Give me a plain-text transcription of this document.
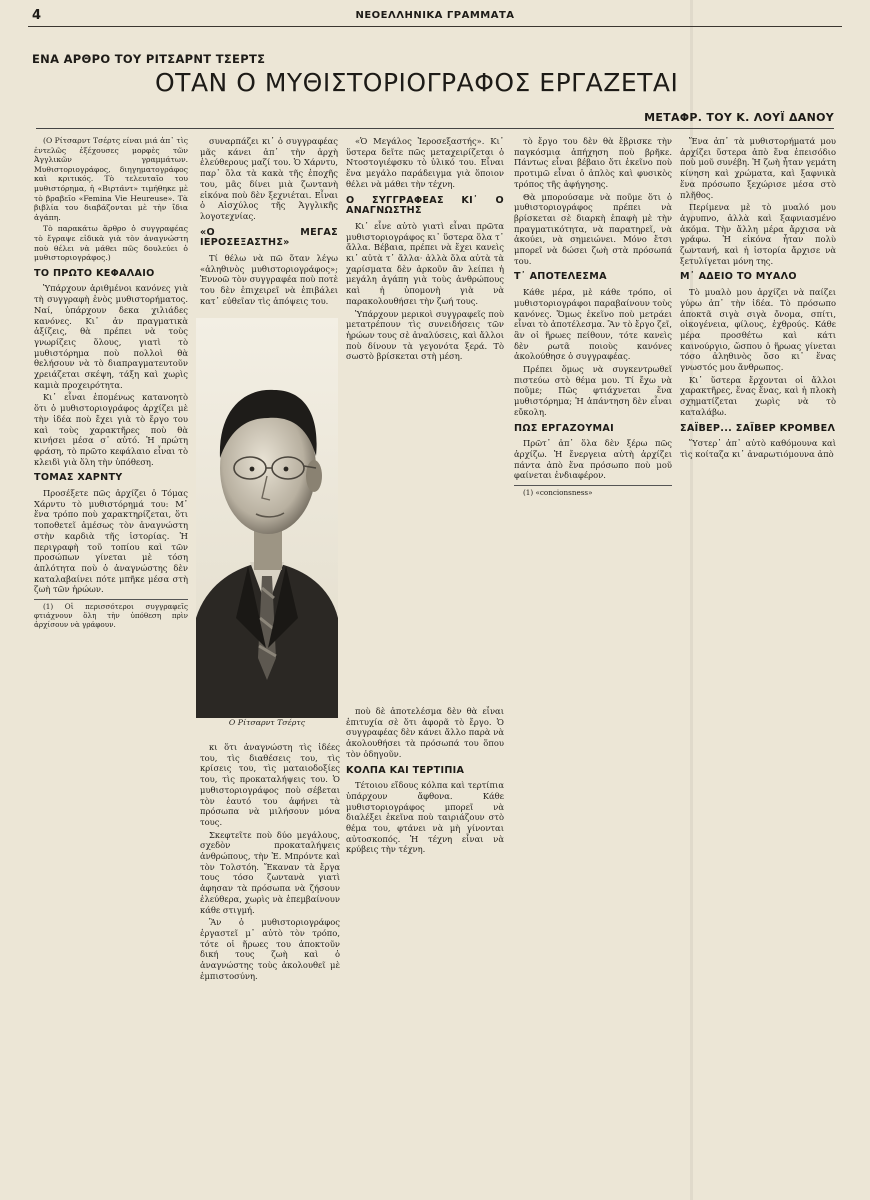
4	ΝΕΟΕΛΛΗΝΙΚΑ ΓΡΑΜΜΑΤΑ
ΕΝΑ ΑΡΘΡΟ ΤΟΥ ΡΙΤΣΑΡΝΤ ΤΣΕΡΤΣ
ΟΤΑΝ Ο ΜΥΘΙΣΤΟΡΙΟΓΡΑΦΟΣ ΕΡΓΑΖΕΤΑΙ
ΜΕΤΑΦΡ. ΤΟΥ Κ. ΛΟΥΪ ΔΑΝΟΥ

(Ο Ρίτσαρντ Τσέρτς είναι μιά ἀπ᾽ τὶς ἐντελῶς ἐξέχουσες μορφὲς τῶν Ἀγγλικῶν γραμμάτων. Μυθιστοριογράφος, διηγηματογράφος καὶ κριτικός. Τὸ τελευταῖο του μυθιστόρημα, ἡ «Βιρτάντ» τιμήθηκε μὲ τὸ βραβεῖο «Femina Vie Heureuse». Τὰ βιβλία του διαβάζονται μὲ τὴν ἴδια ἀγάπη.

Τὸ παρακάτω ἄρθρο ὁ συγγραφέας τὸ ἔγραψε εἰδικὰ γιὰ τὸν ἀναγνώστη ποὺ θέλει νὰ μάθει πῶς δουλεύει ὁ μυθιστοριογράφος.)

ΤΟ ΠΡΩΤΟ ΚΕΦΑΛΑΙΟ

Ὑπάρχουν ἀριθμένοι κανόνες γιὰ τὴ συγγραφὴ ἑνὸς μυθιστορήματος. Ναί, ὑπάρχουν δεκα χιλιάδες κανόνες. Κι᾽ ἀν πραγματικὰ ἀξίζεις, θὰ πρέπει νὰ τοὺς γνωρίζεις ὅλους, γιατὶ τὸ μυθιστόρημα ποὺ πολλοὶ θὰ θελήσουν νὰ τὸ διαπραγματευτοῦν χρειάζεται σκέψη, τάξη καὶ χωρὶς καμιὰ προχειρότητα.

Κι᾽ εἶναι ἐπομένως κατανοητὸ ὅτι ὁ μυθιστοριογράφος ἀρχίζει μὲ τὴν ἰδέα ποὺ ἔχει γιὰ τὸ ἔργο του καὶ τοὺς χαρακτῆρες ποὺ θὰ κινήσει μέσα σ᾽ αὐτό. Ἡ πρώτη φράση, τὸ πρῶτο κεφάλαιο εἶναι τὸ κλειδὶ γιὰ ὅλη τὴν ὑπόθεση.

ΤΟΜΑΣ ΧΑΡΝΤΥ

Προσέξετε πῶς ἀρχίζει ὁ Τόμας Χάρντυ τὸ μυθιστόρημά του: Μ᾽ ἕνα τρόπο ποὺ χαρακτηρίζεται, ὅτι τοποθετεῖ ἀμέσως τὸν ἀναγνώστη στὴν καρδιὰ τῆς ἱστορίας. Ἡ περιγραφὴ τοῦ τοπίου καὶ τῶν προσώπων γίνεται μὲ τόση ἀπλότητα ποὺ ὁ ἀναγνώστης δὲν καταλαβαίνει πότε μπῆκε μέσα στὴ ζωὴ τῶν ἡρώων.

(1) Οἱ περισσότεροι συγγραφεῖς φτιάχνουν ὅλη τὴν ὑπόθεση πρὶν ἀρχίσουν νὰ γράφουν.

συναρπάζει κι᾽ ὁ συγγραφέας μᾶς κάνει ἀπ᾽ τὴν ἀρχὴ ἐλεύθερους μαζί του. Ὁ Χάρντυ, παρ᾽ ὅλα τὰ κακὰ τῆς ἐποχῆς του, μᾶς δίνει μιὰ ζωντανὴ εἰκόνα ποὺ δὲν ξεχνιέται. Εἶναι ὁ Αἰσχύλος τῆς Ἀγγλικῆς λογοτεχνίας.

«Ο ΜΕΓΑΣ ΙΕΡΟΣΕΞΑΣΤΗΣ»

Τί θέλω νὰ πῶ ὅταν λέγω «ἀληθινὸς μυθιστοριογράφος»; Ἐννοῶ τὸν συγγραφέα ποὺ ποτὲ του δὲν ἐπιχειρεῖ νὰ ἐπιβάλει κατ᾽ εὐθεῖαν τὶς ἀπόψεις του.

Ο Ρίτσαρντ Τσέρτς

κι ὅτι ἀναγνώστη τὶς ἰδέες του, τὶς διαθέσεις του, τὶς κρίσεις του, τὶς ματαιοδοξίες του, τὶς προκαταλήψεις του. Ὁ μυθιστοριογράφος ποὺ σέβεται τὸν ἑαυτό του ἀφήνει τὰ πρόσωπα νὰ μιλήσουν μόνα τους.

Σκεφτεῖτε ποὺ δύο μεγάλους, σχεδὸν προκαταλήψεις ἀνθρώπους, τὴν Ἐ. Μπρόντε καὶ τὸν Τολστόη. Ἔκαναν τὰ ἔργα τους τόσο ζωντανὰ γιατὶ ἀφησαν τὰ πρόσωπα νὰ ζήσουν ἐλεύθερα, χωρὶς νὰ ἐπεμβαίνουν κάθε στιγμή.

Ἂν ὁ μυθιστοριογράφος ἐργαστεῖ μ᾽ αὐτὸ τὸν τρόπο, τότε οἱ ἥρωες του ἀποκτοῦν δική τους ζωὴ καὶ ὁ ἀναγνώστης τοὺς ἀκολουθεῖ μὲ ἐμπιστοσύνη.

«Ὁ Μεγάλος Ἰεροσεξαστής». Κι᾽ ὕστερα δεῖτε πῶς μεταχειρίζεται ὁ Ντοστογιέφσκυ τὸ ὑλικό του. Εἶναι ἕνα μεγάλο παράδειγμα γιὰ ὅποιον θέλει νὰ μάθει τὴν τέχνη.

Ο ΣΥΓΓΡΑΦΕΑΣ ΚΙ᾽ Ο ΑΝΑΓΝΩΣΤΗΣ

Κι᾽ εἶνε αὐτὸ γιατὶ εἶναι πρῶτα μυθιστοριογράφος κι᾽ ὕστερα ὅλα τ᾽ ἄλλα. Βέβαια, πρέπει νὰ ἔχει κανεὶς κι᾽ αὐτὰ τ᾽ ἄλλα· ἀλλὰ ὅλα αὐτὰ τὰ χαρίσματα δὲν ἀρκοῦν ἂν λείπει ἡ μεγάλη ἀγάπη γιὰ τοὺς ἀνθρώπους καὶ ἡ ὑπομονὴ γιὰ νὰ παρακολουθήσει τὴν ζωή τους.

Ὑπάρχουν μερικοὶ συγγραφεῖς ποὺ μετατρέπουν τὶς συνειδήσεις τῶν ἡρώων τους σὲ ἀναλύσεις, καὶ ἄλλοι ποὺ δίνουν τὰ γεγονότα ξερά. Τὸ σωστὸ βρίσκεται στὴ μέση.

ποὺ δὲ ἀποτελέσμα δὲν θὰ εἶναι ἐπιτυχία σὲ ὅτι ἀφορᾶ τὸ ἔργο. Ὁ συγγραφέας δὲν κάνει ἄλλο παρὰ νὰ ἀκολουθήσει τὰ πρόσωπά του ὅπου τὸν ὁδηγοῦν.

ΚΟΛΠΑ ΚΑΙ ΤΕΡΤΙΠΙΑ

Τέτοιου εἴδους κόλπα καὶ τερτίπια ὑπάρχουν ἄφθονα. Κάθε μυθιστοριογράφος μπορεῖ νὰ διαλέξει ἐκεῖνα ποὺ ταιριάζουν στὸ θέμα του, φτάνει νὰ μὴ γίνονται αὐτοσκοπός. Ἡ τέχνη εἶναι νὰ κρύβεις τὴν τέχνη.

τὸ ἔργο του δὲν θὰ ἔβρισκε τὴν παγκόσμια ἀπήχηση ποὺ βρῆκε. Πάντως εἶναι βέβαιο ὅτι ἐκεῖνο ποὺ προτιμῶ εἶναι ὁ ἀπλὸς καὶ φυσικὸς τρόπος τῆς ἀφήγησης.

Θὰ μπορούσαμε νὰ ποῦμε ὅτι ὁ μυθιστοριογράφος πρέπει νὰ βρίσκεται σὲ διαρκὴ ἐπαφὴ μὲ τὴν πραγματικότητα, νὰ παρατηρεῖ, νὰ ἀκούει, νὰ σημειώνει. Μόνο ἔτσι μπορεῖ νὰ δώσει ζωὴ στὰ πρόσωπά του.

Τ᾽ ΑΠΟΤΕΛΕΣΜΑ

Κάθε μέρα, μὲ κάθε τρόπο, οἱ μυθιστοριογράφοι παραβαίνουν τοὺς κανόνες. Ὅμως ἐκεῖνο ποὺ μετράει εἶναι τὸ ἀποτέλεσμα. Ἂν τὸ ἔργο ζεῖ, ἂν οἱ ἥρωες πείθουν, τότε κανεὶς δὲν ρωτᾶ ποιοὺς κανόνες ἀκολούθησε ὁ συγγραφέας.

Πρέπει ὅμως νὰ συγκεντρωθεῖ πιστεύω στὸ θέμα μου. Τί ἔχω νὰ ποῦμε; Πῶς φτιάχνεται ἕνα μυθιστόρημα; Ἡ ἀπάντηση δὲν εἶναι εὔκολη.

ΠΩΣ ΕΡΓΑΖΟΥΜΑΙ

Πρῶτ᾽ ἀπ᾽ ὅλα δὲν ξέρω πῶς ἀρχίζω. Ἡ ἔνεργεια αὐτὴ ἀρχίζει πάντα ἀπὸ ἕνα πρόσωπο ποὺ μοῦ φαίνεται ἐνδιαφέρον.

(1) «concionsness»

Ἕνα ἀπ᾽ τὰ μυθιστορήματά μου ἀρχίζει ὕστερα ἀπὸ ἕνα ἐπεισόδιο ποὺ μοῦ συνέβη. Ἡ ζωὴ ἦταν γεμάτη κίνηση καὶ χρώματα, καὶ ξαφνικὰ ἕνα πρόσωπο ξεχώρισε μέσα στὸ πλῆθος.

Περίμενα μὲ τὸ μυαλό μου ἀγρυπνο, ἀλλὰ καὶ ξαφνιασμένο ἀκόμα. Τὴν ἄλλη μέρα ἄρχισα νὰ γράφω. Ἡ εἰκόνα ἦταν πολὺ ζωντανή, καὶ ἡ ἱστορία ἄρχισε νὰ ξετυλίγεται μόνη της.

Μ᾽ ΑΔΕΙΟ ΤΟ ΜΥΑΛΟ

Τὸ μυαλὸ μου ἀρχίζει νὰ παίζει γύρω ἀπ᾽ τὴν ἰδέα. Τὸ πρόσωπο ἀποκτᾶ σιγὰ σιγὰ ὄνομα, σπίτι, οἰκογένεια, φίλους, ἐχθρούς. Κάθε μέρα προσθέτω καὶ κάτι καινούργιο, ὥσπου ὁ ἥρωας γίνεται τόσο ἀληθινὸς ὅσο κι᾽ ἕνας γνωστός μου ἄνθρωπος.

Κι᾽ ὕστερα ἔρχονται οἱ ἄλλοι χαρακτῆρες, ἕνας ἕνας, καὶ ἡ πλοκὴ σχηματίζεται χωρὶς νὰ τὸ καταλάβω.

ΣΑΪΒΕΡ... ΣΑΪΒΕΡ ΚΡΟΜΒΕΛ

Ὕστερ᾽ ἀπ᾽ αὐτὸ καθόμουνα καὶ τὶς κοίταζα κι᾽ ἀναρωτιόμουνα ἀπὸ
